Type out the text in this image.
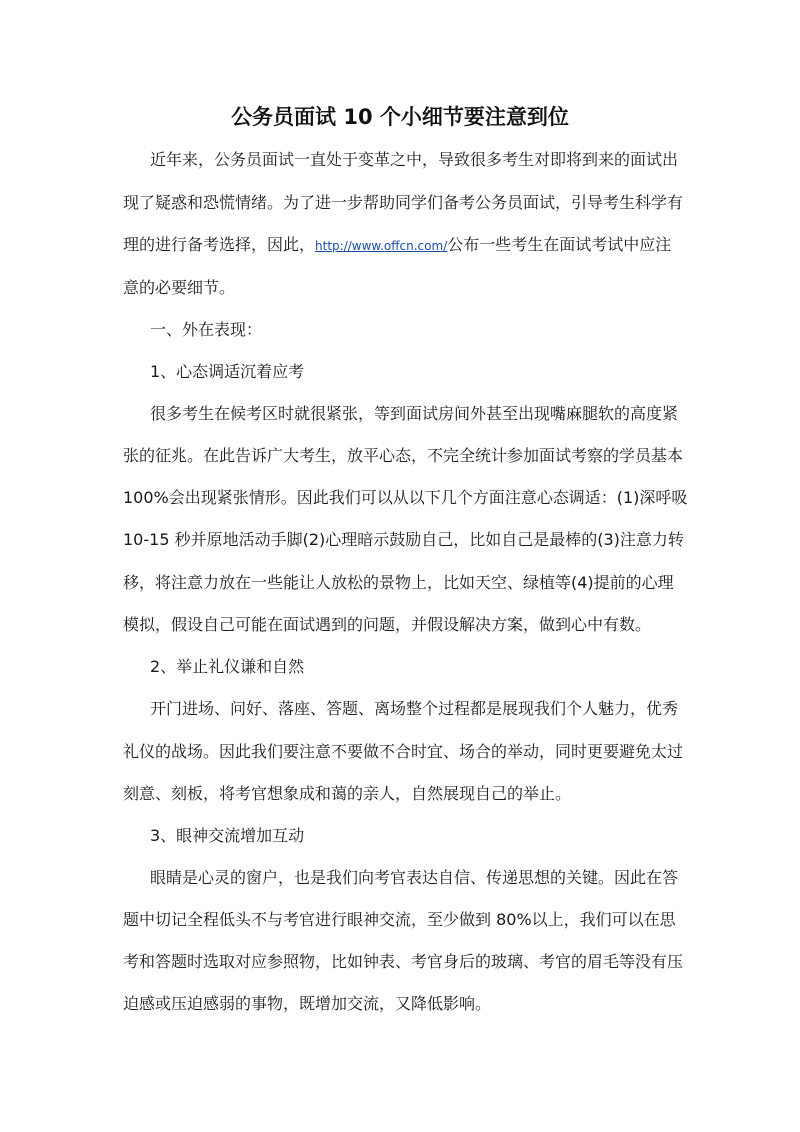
公务员面试 10 个小细节要注意到位
近年来，公务员面试一直处于变革之中，导致很多考生对即将到来的面试出
现了疑惑和恐慌情绪。为了进一步帮助同学们备考公务员面试，引导考生科学有
理的进行备考选择，因此，http://www.offcn.com/公布一些考生在面试考试中应注
意的必要细节。
一、外在表现：
1、心态调适沉着应考
很多考生在候考区时就很紧张，等到面试房间外甚至出现嘴麻腿软的高度紧
张的征兆。在此告诉广大考生，放平心态，不完全统计参加面试考察的学员基本
100%会出现紧张情形。因此我们可以从以下几个方面注意心态调适：(1)深呼吸
10-15 秒并原地活动手脚(2)心理暗示鼓励自己，比如自己是最棒的(3)注意力转
移，将注意力放在一些能让人放松的景物上，比如天空、绿植等(4)提前的心理
模拟，假设自己可能在面试遇到的问题，并假设解决方案，做到心中有数。
2、举止礼仪谦和自然
开门进场、问好、落座、答题、离场整个过程都是展现我们个人魅力，优秀
礼仪的战场。因此我们要注意不要做不合时宜、场合的举动，同时更要避免太过
刻意、刻板，将考官想象成和蔼的亲人，自然展现自己的举止。
3、眼神交流增加互动
眼睛是心灵的窗户，也是我们向考官表达自信、传递思想的关键。因此在答
题中切记全程低头不与考官进行眼神交流，至少做到 80%以上，我们可以在思
考和答题时选取对应参照物，比如钟表、考官身后的玻璃、考官的眉毛等没有压
迫感或压迫感弱的事物，既增加交流，又降低影响。
